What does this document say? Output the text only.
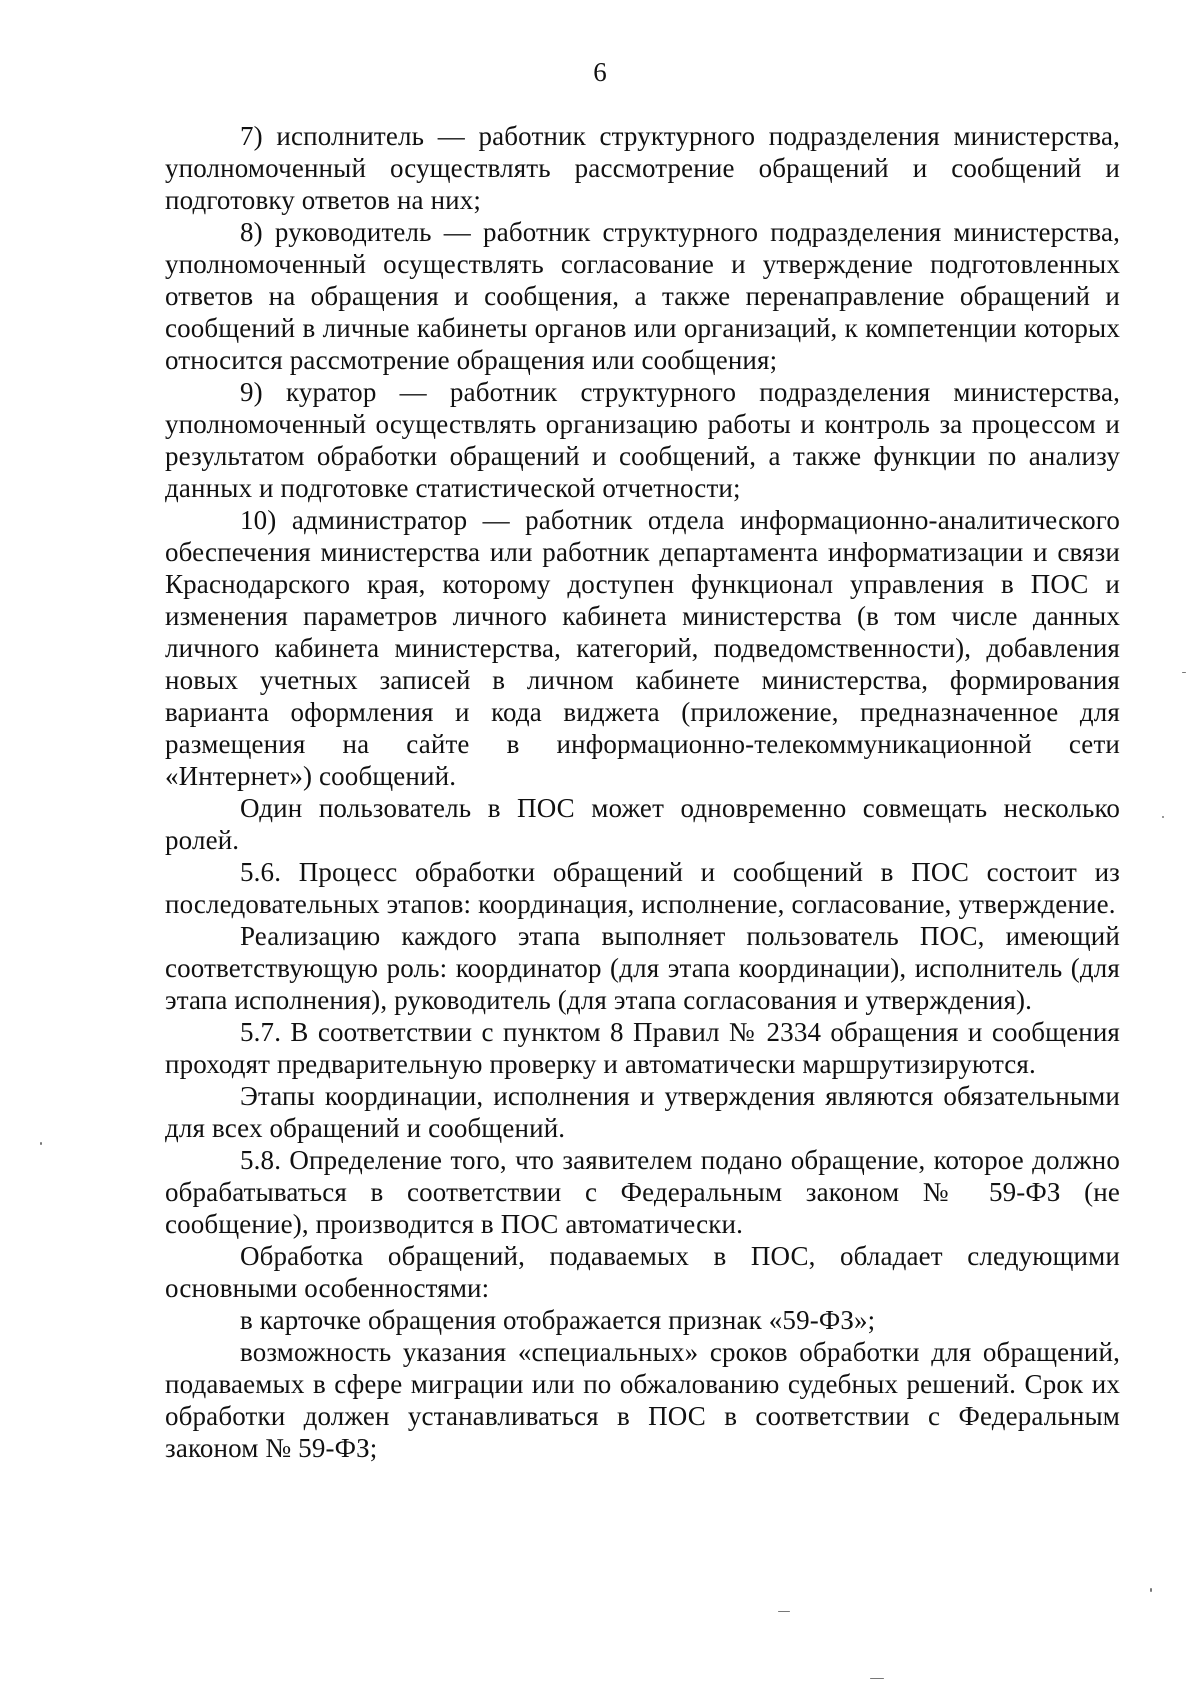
6

7) исполнитель — работник структурного подразделения министерства, уполномоченный осуществлять рассмотрение обращений и сообщений и подготовку ответов на них;

8) руководитель — работник структурного подразделения министерства, уполномоченный осуществлять согласование и утверждение подготовленных ответов на обращения и сообщения, а также перенаправление обращений и сообщений в личные кабинеты органов или организаций, к компетенции которых относится рассмотрение обращения или сообщения;

9) куратор — работник структурного подразделения министерства, уполномоченный осуществлять организацию работы и контроль за процессом и результатом обработки обращений и сообщений, а также функции по анализу данных и подготовке статистической отчетности;

10) администратор — работник отдела информационно-аналитического обеспечения министерства или работник департамента информатизации и связи Краснодарского края, которому доступен функционал управления в ПОС и изменения параметров личного кабинета министерства (в том числе данных личного кабинета министерства, категорий, подведомственности), добавления новых учетных записей в личном кабинете министерства, формирования варианта оформления и кода виджета (приложение, предназначенное для размещения на сайте в информационно-телекоммуникационной сети «Интернет») сообщений.

Один пользователь в ПОС может одновременно совмещать несколько ролей.

5.6. Процесс обработки обращений и сообщений в ПОС состоит из последовательных этапов: координация, исполнение, согласование, утверждение.

Реализацию каждого этапа выполняет пользователь ПОС, имеющий соответствующую роль: координатор (для этапа координации), исполнитель (для этапа исполнения), руководитель (для этапа согласования и утверждения).

5.7. В соответствии с пунктом 8 Правил № 2334 обращения и сообщения проходят предварительную проверку и автоматически маршрутизируются.

Этапы координации, исполнения и утверждения являются обязательными для всех обращений и сообщений.

5.8. Определение того, что заявителем подано обращение, которое должно обрабатываться в соответствии с Федеральным законом № 59-ФЗ (не сообщение), производится в ПОС автоматически.

Обработка обращений, подаваемых в ПОС, обладает следующими основными особенностями:

в карточке обращения отображается признак «59-ФЗ»;

возможность указания «специальных» сроков обработки для обращений, подаваемых в сфере миграции или по обжалованию судебных решений. Срок их обработки должен устанавливаться в ПОС в соответствии с Федеральным законом № 59-ФЗ;
